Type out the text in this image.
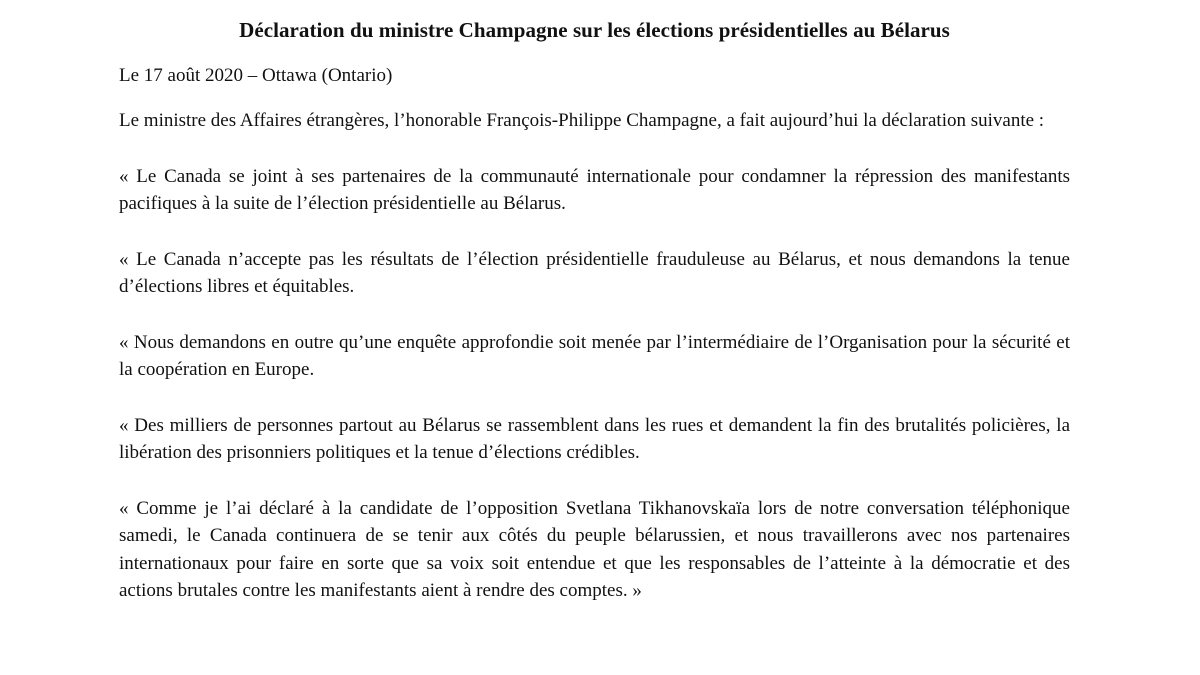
Déclaration du ministre Champagne sur les élections présidentielles au Bélarus

Le 17 août 2020 – Ottawa (Ontario)

Le ministre des Affaires étrangères, l’honorable François-Philippe Champagne, a fait aujourd’hui la déclaration suivante :

« Le Canada se joint à ses partenaires de la communauté internationale pour condamner la répression des manifestants pacifiques à la suite de l’élection présidentielle au Bélarus.

« Le Canada n’accepte pas les résultats de l’élection présidentielle frauduleuse au Bélarus, et nous demandons la tenue d’élections libres et équitables.

« Nous demandons en outre qu’une enquête approfondie soit menée par l’intermédiaire de l’Organisation pour la sécurité et la coopération en Europe.

« Des milliers de personnes partout au Bélarus se rassemblent dans les rues et demandent la fin des brutalités policières, la libération des prisonniers politiques et la tenue d’élections crédibles.

« Comme je l’ai déclaré à la candidate de l’opposition Svetlana Tikhanovskaïa lors de notre conversation téléphonique samedi, le Canada continuera de se tenir aux côtés du peuple bélarussien, et nous travaillerons avec nos partenaires internationaux pour faire en sorte que sa voix soit entendue et que les responsables de l’atteinte à la démocratie et des actions brutales contre les manifestants aient à rendre des comptes. »
